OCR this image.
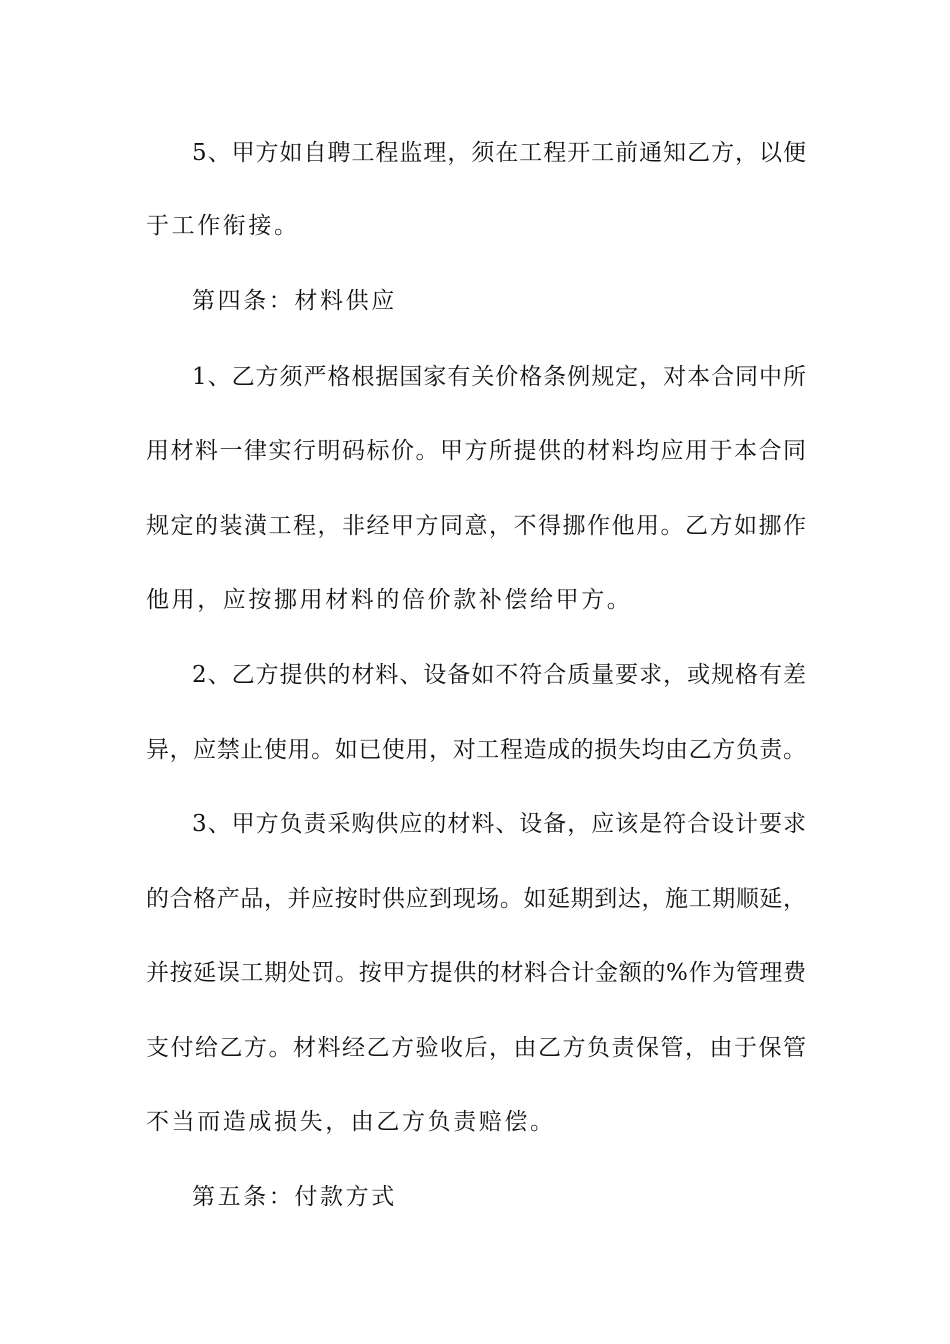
5、甲方如自聘工程监理，须在工程开工前通知乙方，以便
于工作衔接。
第四条：材料供应
1、乙方须严格根据国家有关价格条例规定，对本合同中所
用材料一律实行明码标价。甲方所提供的材料均应用于本合同
规定的装潢工程，非经甲方同意，不得挪作他用。乙方如挪作
他用，应按挪用材料的倍价款补偿给甲方。
2、乙方提供的材料、设备如不符合质量要求，或规格有差
异，应禁止使用。如已使用，对工程造成的损失均由乙方负责。
3、甲方负责采购供应的材料、设备，应该是符合设计要求
的合格产品，并应按时供应到现场。如延期到达，施工期顺延，
并按延误工期处罚。按甲方提供的材料合计金额的%作为管理费
支付给乙方。材料经乙方验收后，由乙方负责保管，由于保管
不当而造成损失，由乙方负责赔偿。
第五条：付款方式
